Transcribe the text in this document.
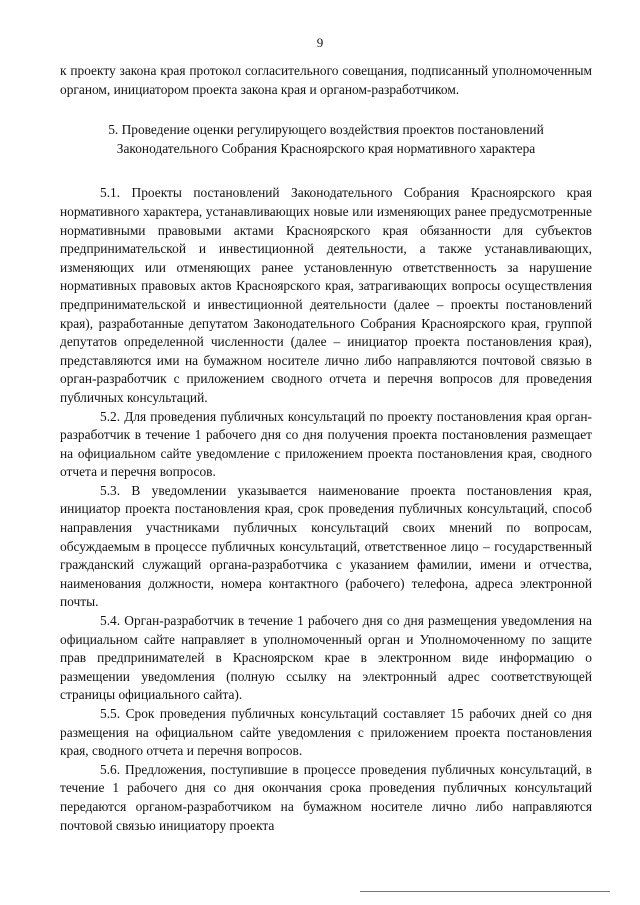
9

к проекту закона края протокол согласительного совещания, подписанный уполномоченным органом, инициатором проекта закона края и органом-разработчиком.

5. Проведение оценки регулирующего воздействия проектов постановлений
Законодательного Собрания Красноярского края нормативного характера

5.1. Проекты постановлений Законодательного Собрания Красноярского края нормативного характера, устанавливающих новые или изменяющих ранее предусмотренные нормативными правовыми актами Красноярского края обязанности для субъектов предпринимательской и инвестиционной деятельности, а также устанавливающих, изменяющих или отменяющих ранее установленную ответственность за нарушение нормативных правовых актов Красноярского края, затрагивающих вопросы осуществления предпринимательской и инвестиционной деятельности (далее – проекты постановлений края), разработанные депутатом Законодательного Собрания Красноярского края, группой депутатов определенной численности (далее – инициатор проекта постановления края), представляются ими на бумажном носителе лично либо направляются почтовой связью в орган-разработчик с приложением сводного отчета и перечня вопросов для проведения публичных консультаций.

5.2. Для проведения публичных консультаций по проекту постановления края орган-разработчик в течение 1 рабочего дня со дня получения проекта постановления размещает на официальном сайте уведомление с приложением проекта постановления края, сводного отчета и перечня вопросов.

5.3. В уведомлении указывается наименование проекта постановления края, инициатор проекта постановления края, срок проведения публичных консультаций, способ направления участниками публичных консультаций своих мнений по вопросам, обсуждаемым в процессе публичных консультаций, ответственное лицо – государственный гражданский служащий органа-разработчика с указанием фамилии, имени и отчества, наименования должности, номера контактного (рабочего) телефона, адреса электронной почты.

5.4. Орган-разработчик в течение 1 рабочего дня со дня размещения уведомления на официальном сайте направляет в уполномоченный орган и Уполномоченному по защите прав предпринимателей в Красноярском крае в электронном виде информацию о размещении уведомления (полную ссылку на электронный адрес соответствующей страницы официального сайта).

5.5. Срок проведения публичных консультаций составляет 15 рабочих дней со дня размещения на официальном сайте уведомления с приложением проекта постановления края, сводного отчета и перечня вопросов.

5.6. Предложения, поступившие в процессе проведения публичных консультаций, в течение 1 рабочего дня со дня окончания срока проведения публичных консультаций передаются органом-разработчиком на бумажном носителе лично либо направляются почтовой связью инициатору проекта
